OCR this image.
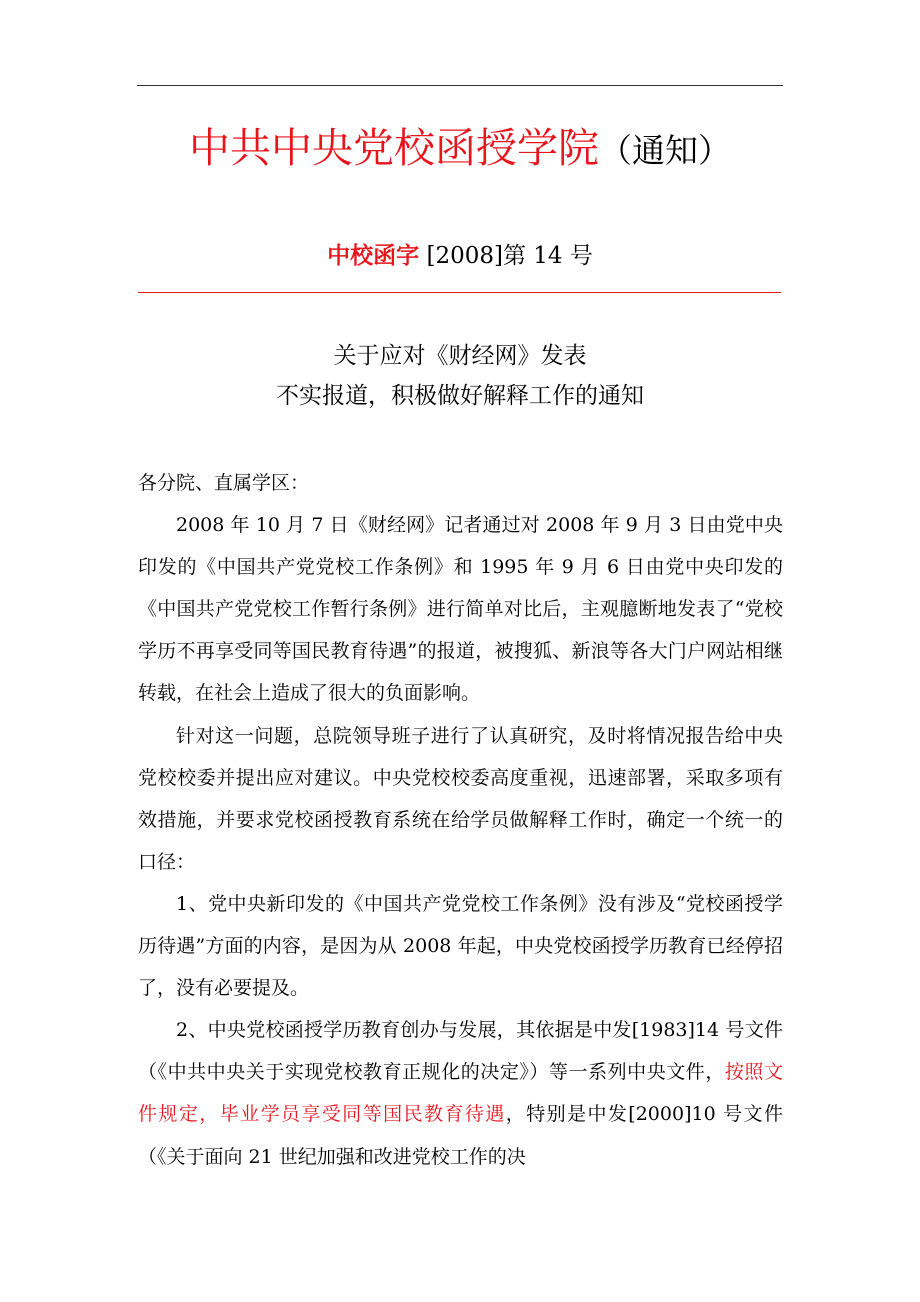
中共中央党校函授学院（通知）
中校函字 [2008]第 14 号
关于应对《财经网》发表
不实报道，积极做好解释工作的通知

各分院、直属学区：

2008 年 10 月 7 日《财经网》记者通过对 2008 年 9 月 3 日由党中央印发的《中国共产党党校工作条例》和 1995 年 9 月 6 日由党中央印发的《中国共产党党校工作暂行条例》进行简单对比后，主观臆断地发表了“党校学历不再享受同等国民教育待遇”的报道，被搜狐、新浪等各大门户网站相继转载，在社会上造成了很大的负面影响。

针对这一问题，总院领导班子进行了认真研究，及时将情况报告给中央党校校委并提出应对建议。中央党校校委高度重视，迅速部署，采取多项有效措施，并要求党校函授教育系统在给学员做解释工作时，确定一个统一的口径：

1、党中央新印发的《中国共产党党校工作条例》没有涉及“党校函授学历待遇”方面的内容，是因为从 2008 年起，中央党校函授学历教育已经停招了，没有必要提及。

2、中央党校函授学历教育创办与发展，其依据是中发[1983]14 号文件（《中共中央关于实现党校教育正规化的决定》）等一系列中央文件，按照文件规定，毕业学员享受同等国民教育待遇，特别是中发[2000]10 号文件（《关于面向 21 世纪加强和改进党校工作的决
